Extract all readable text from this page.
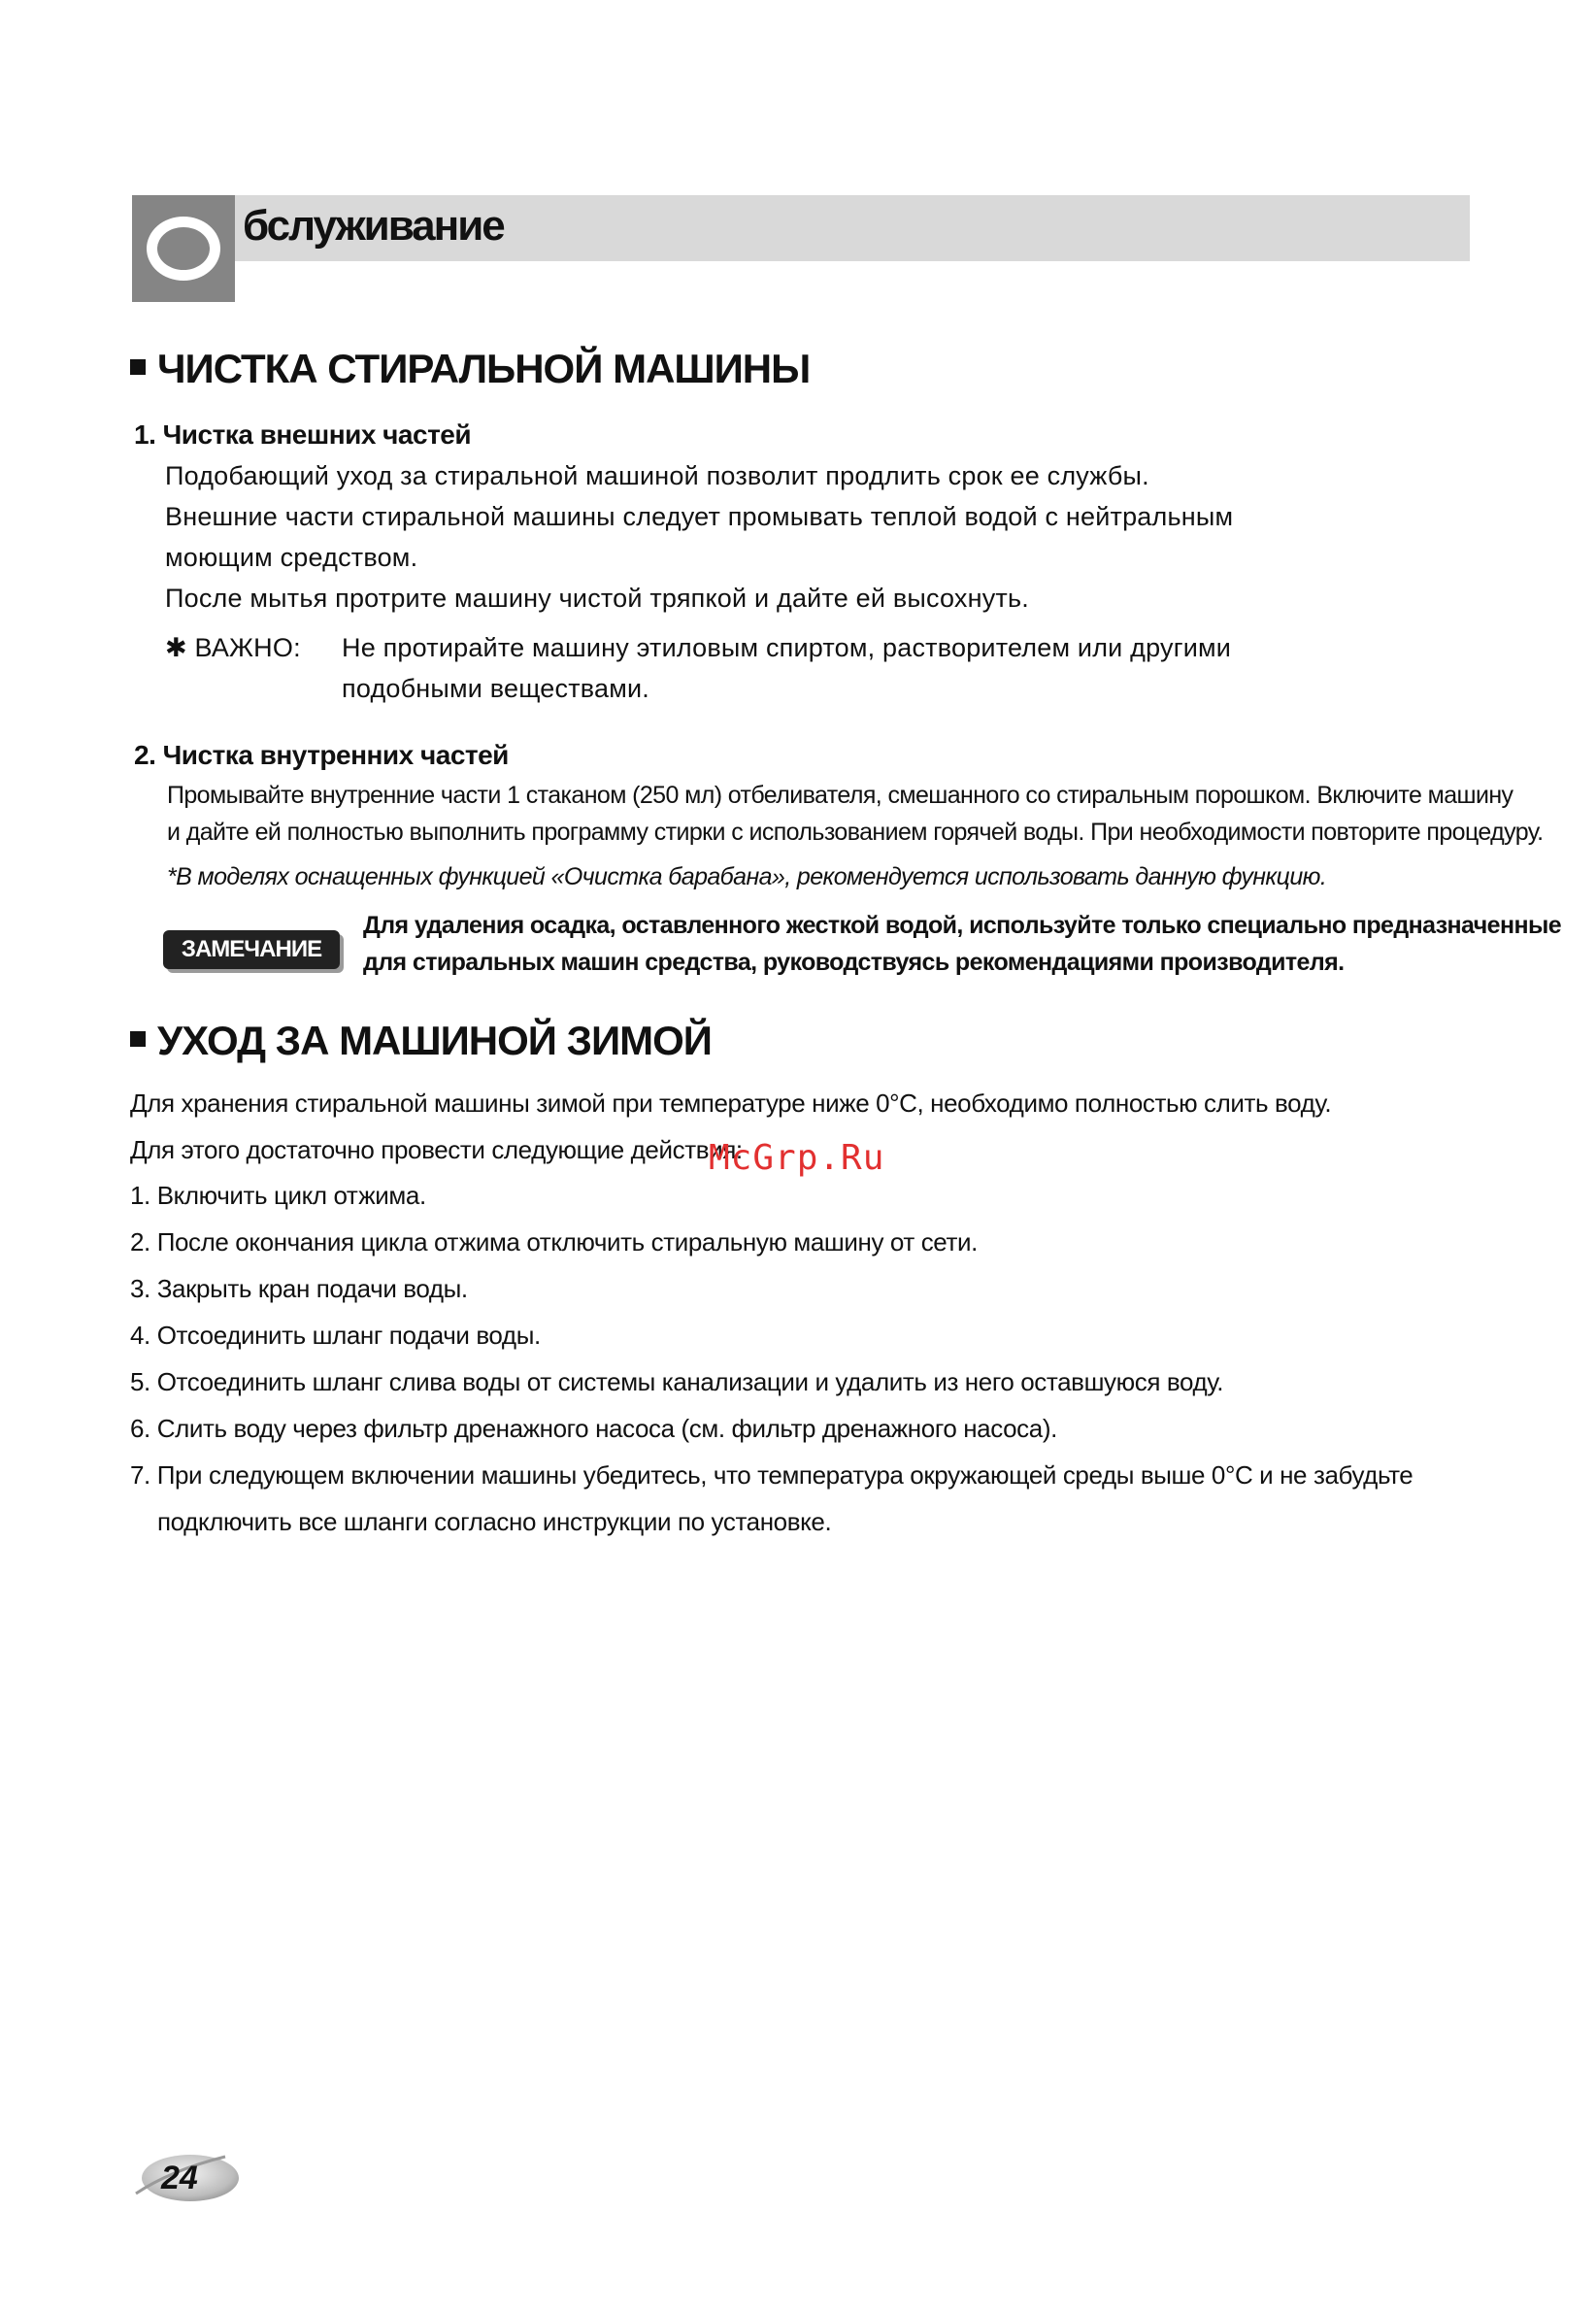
бслуживание
ЧИСТКА СТИРАЛЬНОЙ МАШИНЫ
1. Чистка внешних частей
Подобающий уход за стиральной машиной позволит продлить срок ее службы.
Внешние части стиральной машины следует промывать теплой водой с нейтральным
моющим средством.
После мытья протрите машину чистой тряпкой и дайте ей высохнуть.
✱ ВАЖНО: Не протирайте машину этиловым спиртом, растворителем или другими
подобными веществами.
2. Чистка внутренних частей
Промывайте внутренние части 1 стаканом (250 мл) отбеливателя, смешанного со стиральным порошком. Включите машину
и дайте ей полностью выполнить программу стирки с использованием горячей воды. При необходимости повторите процедуру.
*В моделях оснащенных функцией «Очистка барабана», рекомендуется использовать данную функцию.
ЗАМЕЧАНИЕ
Для удаления осадка, оставленного жесткой водой, используйте только специально предназначенные
для стиральных машин средства, руководствуясь рекомендациями производителя.
УХОД ЗА МАШИНОЙ ЗИМОЙ
Для хранения стиральной машины зимой при температуре ниже 0°С, необходимо полностью слить воду.
Для этого достаточно провести следующие действия:
1. Включить цикл отжима.
2. После окончания цикла отжима отключить стиральную машину от сети.
3. Закрыть кран подачи воды.
4. Отсоединить шланг подачи воды.
5. Отсоединить шланг слива воды от системы канализации и удалить из него оставшуюся воду.
6. Слить воду через фильтр дренажного насоса (см. фильтр дренажного насоса).
7. При следующем включении машины убедитесь, что температура окружающей среды выше 0°С и не забудьте
подключить все шланги согласно инструкции по установке.
McGrp.Ru
24
